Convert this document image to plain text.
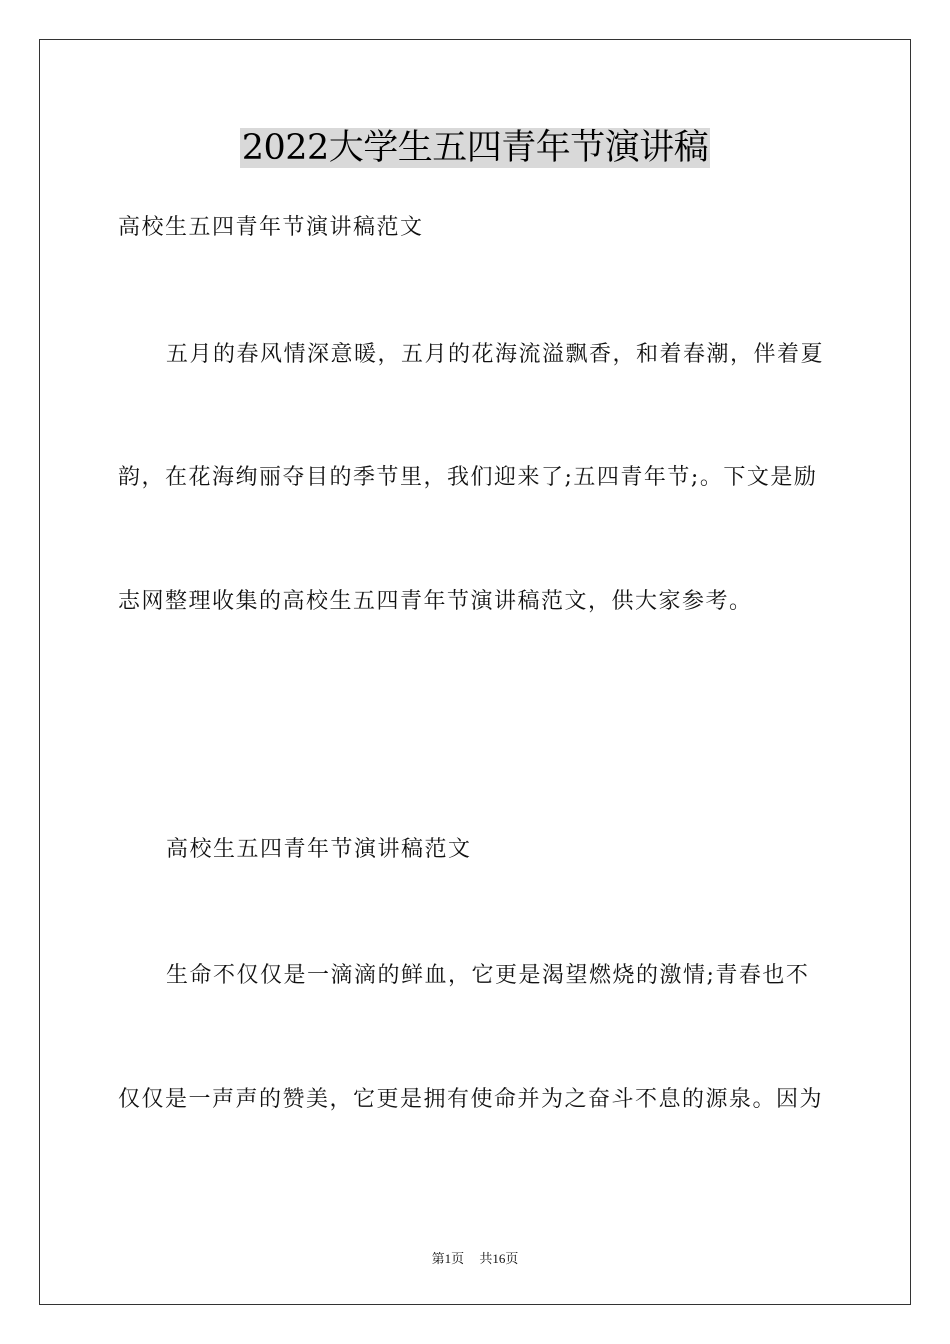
2022大学生五四青年节演讲稿
高校生五四青年节演讲稿范文
五月的春风情深意暖，五月的花海流溢飘香，和着春潮，伴着夏
韵，在花海绚丽夺目的季节里，我们迎来了;五四青年节;。下文是励
志网整理收集的高校生五四青年节演讲稿范文，供大家参考。
高校生五四青年节演讲稿范文
生命不仅仅是一滴滴的鲜血，它更是渴望燃烧的激情;青春也不
仅仅是一声声的赞美，它更是拥有使命并为之奋斗不息的源泉。因为
第1页 共16页
